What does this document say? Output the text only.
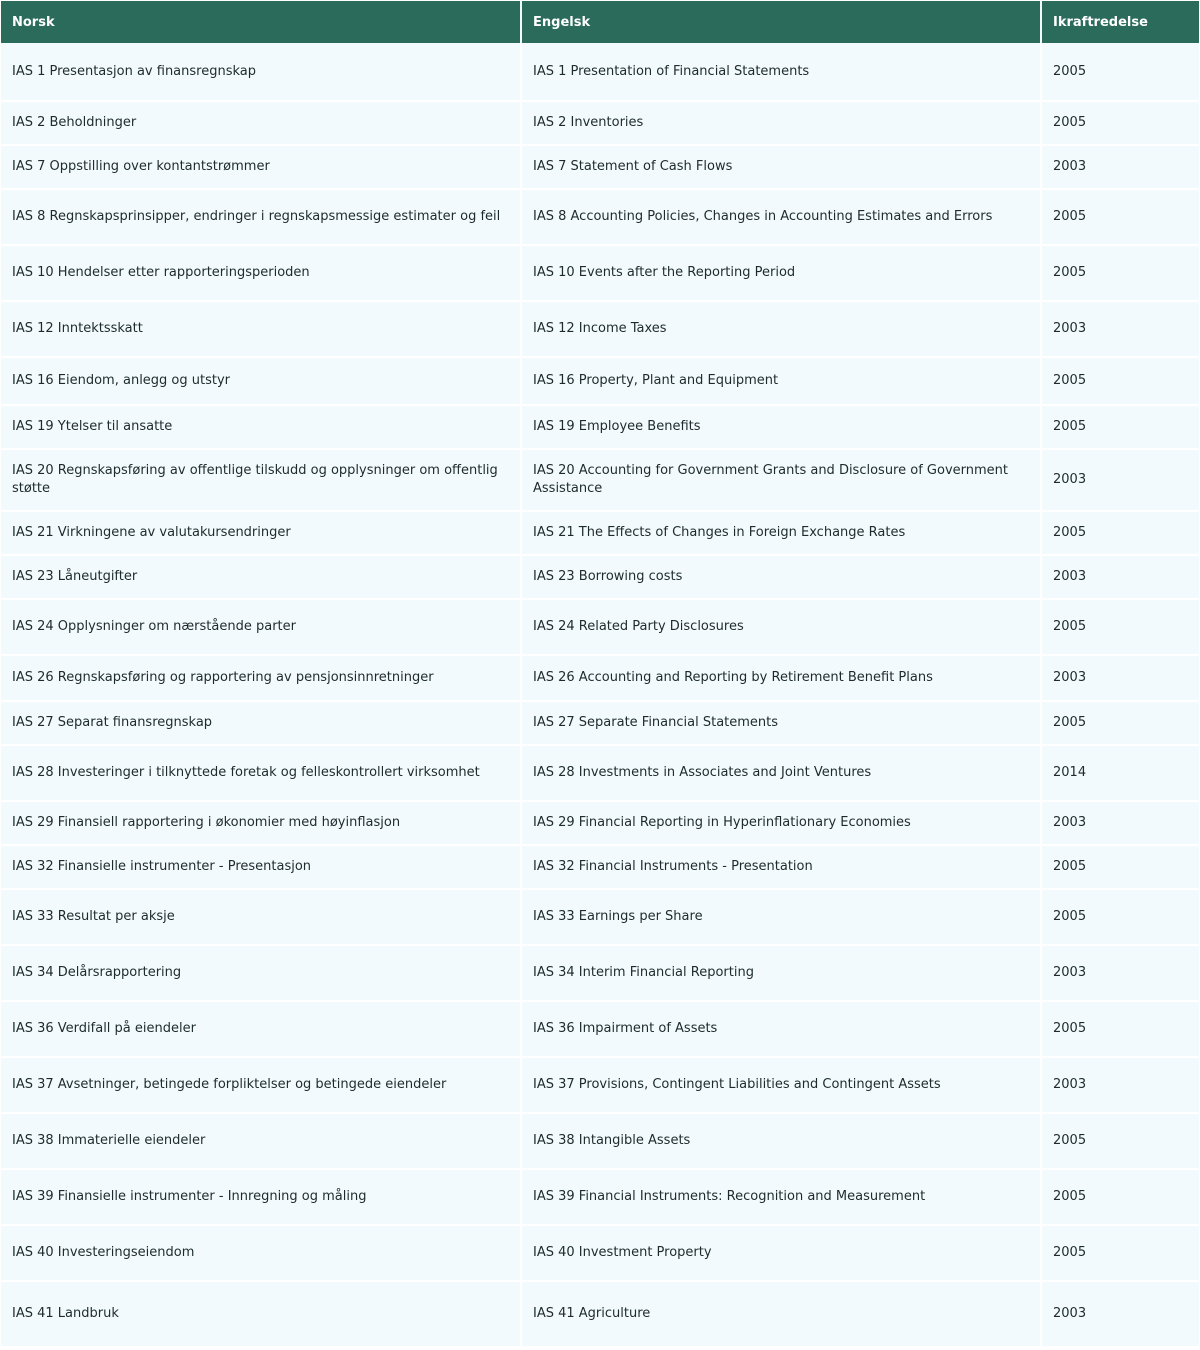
Norsk	Engelsk	Ikraftredelse
IAS 1 Presentasjon av finansregnskap	IAS 1 Presentation of Financial Statements	2005
IAS 2 Beholdninger	IAS 2 Inventories	2005
IAS 7 Oppstilling over kontantstrømmer	IAS 7 Statement of Cash Flows	2003
IAS 8 Regnskapsprinsipper, endringer i regnskapsmessige estimater og feil	IAS 8 Accounting Policies, Changes in Accounting Estimates and Errors	2005
IAS 10 Hendelser etter rapporteringsperioden	IAS 10 Events after the Reporting Period	2005
IAS 12 Inntektsskatt	IAS 12 Income Taxes	2003
IAS 16 Eiendom, anlegg og utstyr	IAS 16 Property, Plant and Equipment	2005
IAS 19 Ytelser til ansatte	IAS 19 Employee Benefits	2005
IAS 20 Regnskapsføring av offentlige tilskudd og opplysninger om offentlig støtte	IAS 20 Accounting for Government Grants and Disclosure of Government Assistance	2003
IAS 21 Virkningene av valutakursendringer	IAS 21 The Effects of Changes in Foreign Exchange Rates	2005
IAS 23 Låneutgifter	IAS 23 Borrowing costs	2003
IAS 24 Opplysninger om nærstående parter	IAS 24 Related Party Disclosures	2005
IAS 26 Regnskapsføring og rapportering av pensjonsinnretninger	IAS 26 Accounting and Reporting by Retirement Benefit Plans	2003
IAS 27 Separat finansregnskap	IAS 27 Separate Financial Statements	2005
IAS 28 Investeringer i tilknyttede foretak og felleskontrollert virksomhet	IAS 28 Investments in Associates and Joint Ventures	2014
IAS 29 Finansiell rapportering i økonomier med høyinflasjon	IAS 29 Financial Reporting in Hyperinflationary Economies	2003
IAS 32 Finansielle instrumenter - Presentasjon	IAS 32 Financial Instruments - Presentation	2005
IAS 33 Resultat per aksje	IAS 33 Earnings per Share	2005
IAS 34 Delårsrapportering	IAS 34 Interim Financial Reporting	2003
IAS 36 Verdifall på eiendeler	IAS 36 Impairment of Assets	2005
IAS 37 Avsetninger, betingede forpliktelser og betingede eiendeler	IAS 37 Provisions, Contingent Liabilities and Contingent Assets	2003
IAS 38 Immaterielle eiendeler	IAS 38 Intangible Assets	2005
IAS 39 Finansielle instrumenter - Innregning og måling	IAS 39 Financial Instruments: Recognition and Measurement	2005
IAS 40 Investeringseiendom	IAS 40 Investment Property	2005
IAS 41 Landbruk	IAS 41 Agriculture	2003
